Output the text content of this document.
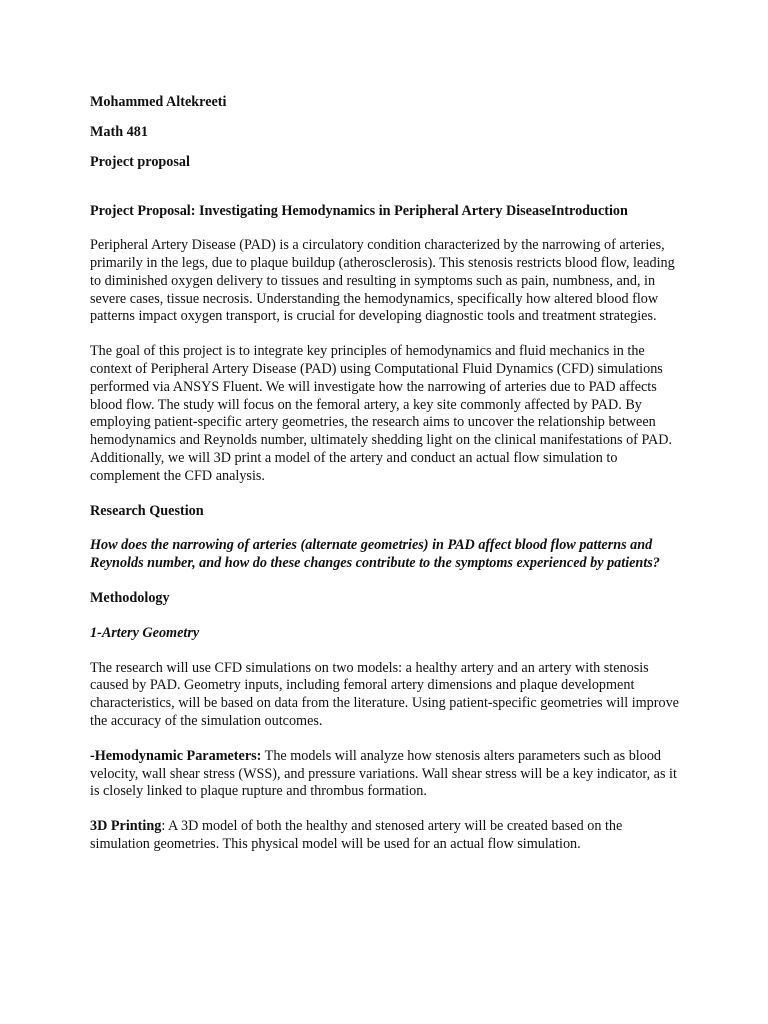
Mohammed Altekreeti
Math 481
Project proposal
Project Proposal: Investigating Hemodynamics in Peripheral Artery DiseaseIntroduction

Peripheral Artery Disease (PAD) is a circulatory condition characterized by the narrowing of arteries, primarily in the legs, due to plaque buildup (atherosclerosis). This stenosis restricts blood flow, leading to diminished oxygen delivery to tissues and resulting in symptoms such as pain, numbness, and, in severe cases, tissue necrosis. Understanding the hemodynamics, specifically how altered blood flow patterns impact oxygen transport, is crucial for developing diagnostic tools and treatment strategies.

The goal of this project is to integrate key principles of hemodynamics and fluid mechanics in the context of Peripheral Artery Disease (PAD) using Computational Fluid Dynamics (CFD) simulations performed via ANSYS Fluent. We will investigate how the narrowing of arteries due to PAD affects blood flow. The study will focus on the femoral artery, a key site commonly affected by PAD. By employing patient-specific artery geometries, the research aims to uncover the relationship between hemodynamics and Reynolds number, ultimately shedding light on the clinical manifestations of PAD. Additionally, we will 3D print a model of the artery and conduct an actual flow simulation to complement the CFD analysis.

Research Question
How does the narrowing of arteries (alternate geometries) in PAD affect blood flow patterns and Reynolds number, and how do these changes contribute to the symptoms experienced by patients?
Methodology
1-Artery Geometry

The research will use CFD simulations on two models: a healthy artery and an artery with stenosis caused by PAD. Geometry inputs, including femoral artery dimensions and plaque development characteristics, will be based on data from the literature. Using patient-specific geometries will improve the accuracy of the simulation outcomes.

-Hemodynamic Parameters: The models will analyze how stenosis alters parameters such as blood velocity, wall shear stress (WSS), and pressure variations. Wall shear stress will be a key indicator, as it is closely linked to plaque rupture and thrombus formation.

3D Printing: A 3D model of both the healthy and stenosed artery will be created based on the simulation geometries. This physical model will be used for an actual flow simulation.
